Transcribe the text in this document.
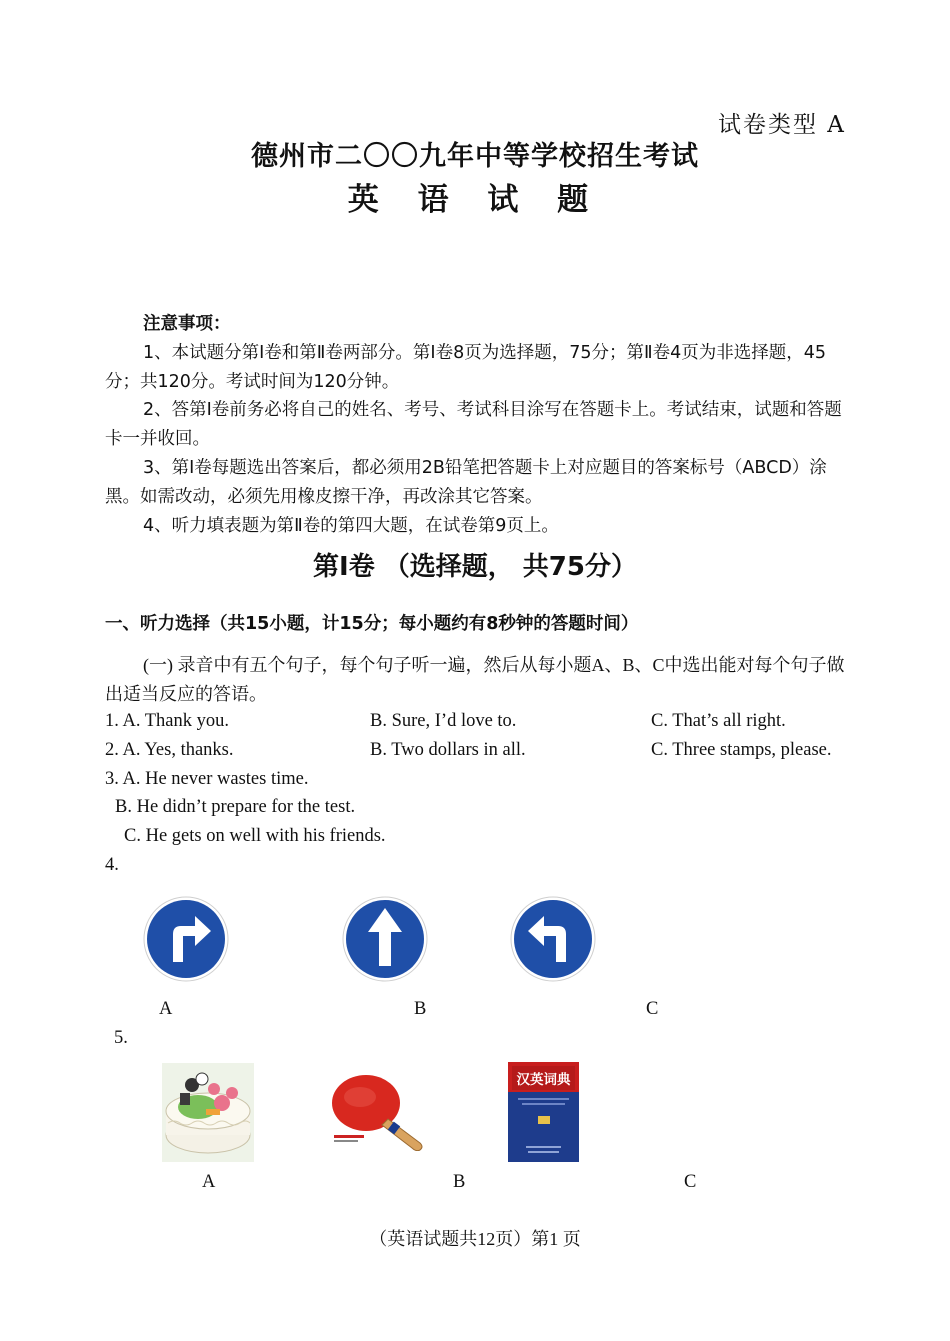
试卷类型 A
德州市二〇〇九年中等学校招生考试
英 语 试 题

注意事项：

1、本试题分第Ⅰ卷和第Ⅱ卷两部分。第Ⅰ卷8页为选择题，75分；第Ⅱ卷4页为非选择题，45分；共120分。考试时间为120分钟。

2、答第Ⅰ卷前务必将自己的姓名、考号、考试科目涂写在答题卡上。考试结束，试题和答题卡一并收回。

3、第Ⅰ卷每题选出答案后，都必须用2B铅笔把答题卡上对应题目的答案标号（ABCD）涂黑。如需改动，必须先用橡皮擦干净，再改涂其它答案。

4、听力填表题为第Ⅱ卷的第四大题，在试卷第9页上。

第Ⅰ卷 （选择题， 共75分）
一、听力选择（共15小题，计15分；每小题约有8秒钟的答题时间）
(一) 录音中有五个句子，每个句子听一遍，然后从每小题A、B、C中选出能对每个句子做出适当反应的答语。
1. A. Thank you.	B. Sure, I’d love to.	C. That’s all right.
2. A. Yes, thanks.	B. Two dollars in all.	C. Three stamps, please.
3. A. He never wastes time.
B. He didn’t prepare for the test.
C. He gets on well with his friends.
4.
A	B	C
5.
汉英词典
A	B	C
（英语试题共12页）第1 页
